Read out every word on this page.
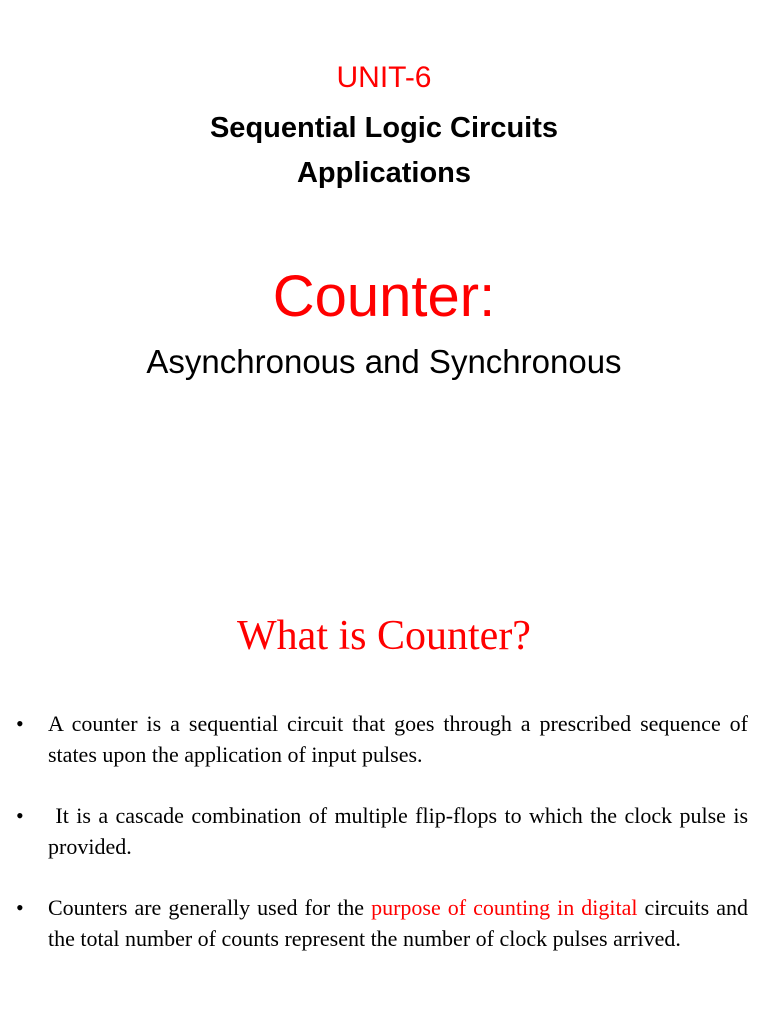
UNIT-6
Sequential Logic Circuits
Applications
Counter:
Asynchronous and Synchronous
What is Counter?
• A counter is a sequential circuit that goes through a prescribed sequence of states upon the application of input pulses.
• It is a cascade combination of multiple flip-flops to which the clock pulse is provided.
• Counters are generally used for the purpose of counting in digital circuits and the total number of counts represent the number of clock pulses arrived.
